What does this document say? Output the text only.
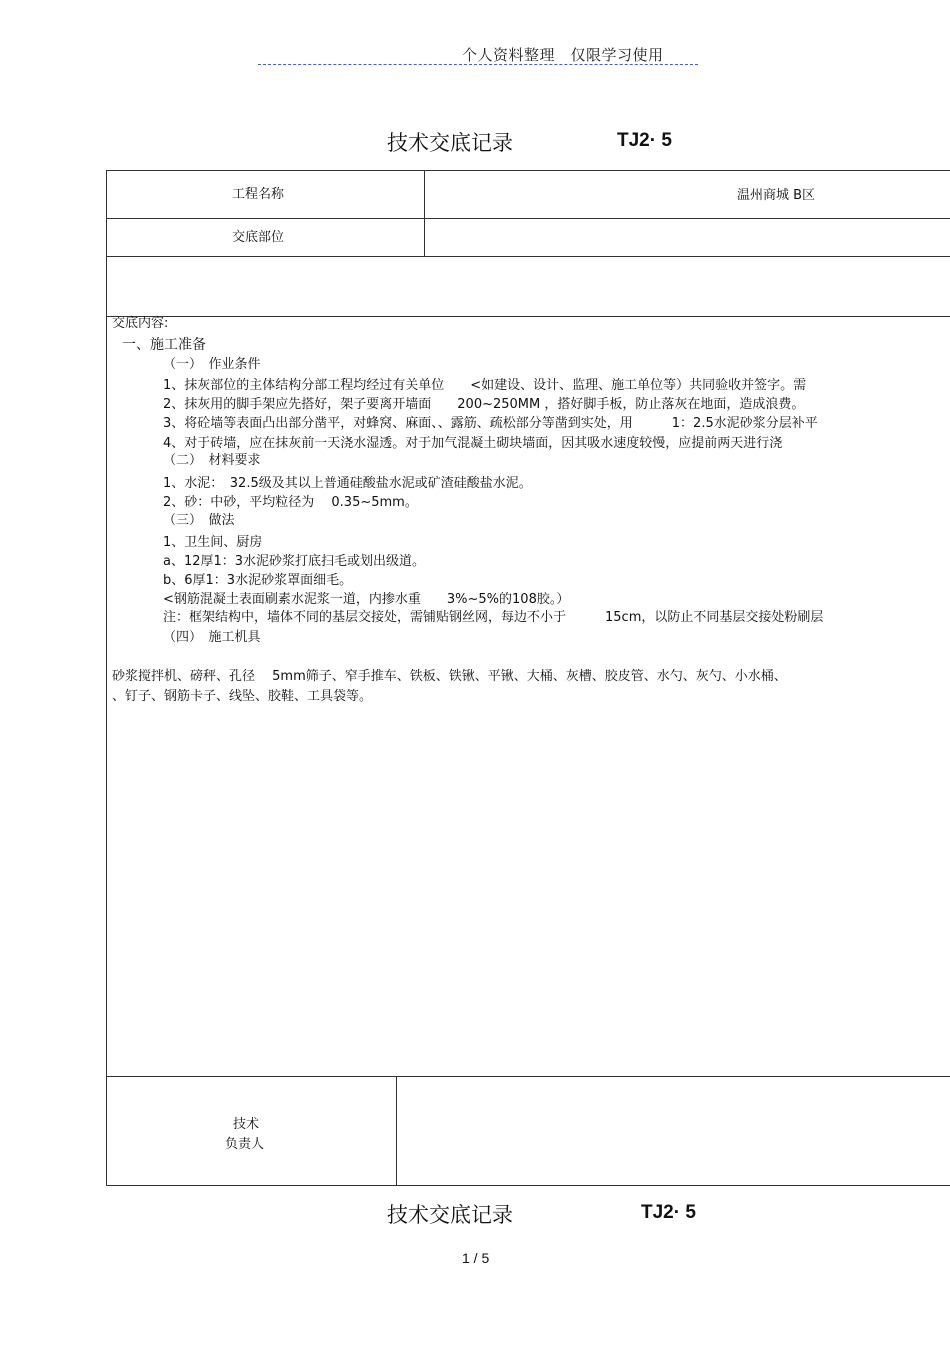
个人资料整理　仅限学习使用
技术交底记录	TJ2· 5
工程名称	温州商城 B区
交底部位
交底内容:
一、施工准备
（一）　作业条件
1、抹灰部位的主体结构分部工程均经过有关单位　　<如建设、设计、监理、施工单位等）共同验收并签字。需
2、抹灰用的脚手架应先搭好，架子要离开墙面　　200~250MM ，搭好脚手板，防止落灰在地面，造成浪费。
3、将砼墙等表面凸出部分凿平，对蜂窝、麻面、、露筋、疏松部分等凿到实处，用　　　1：2.5水泥砂浆分层补平
4、对于砖墙，应在抹灰前一天浇水湿透。对于加气混凝土砌块墙面，因其吸水速度较慢，应提前两天进行浇
（二）　材料要求
1、水泥：　32.5级及其以上普通硅酸盐水泥或矿渣硅酸盐水泥。
2、砂：中砂，平均粒径为　 0.35~5mm。
（三）　做法
1、卫生间、厨房
a、12厚1：3水泥砂浆打底扫毛或划出级道。
b、6厚1：3水泥砂浆罩面细毛。
<钢筋混凝土表面刷素水泥浆一道，内掺水重　　3%~5%的108胶。）
注：框架结构中，墙体不同的基层交接处，需铺贴钢丝网，每边不小于　　　15cm，以防止不同基层交接处粉刷层
（四）　施工机具
砂浆搅拌机、磅秤、孔径　 5mm筛子、窄手推车、铁板、铁锹、平锹、大桶、灰槽、胶皮管、水勺、灰勺、小水桶、
、钉子、钢筋卡子、线坠、胶鞋、工具袋等。
技术
负责人
技术交底记录	TJ2· 5
1 / 5
